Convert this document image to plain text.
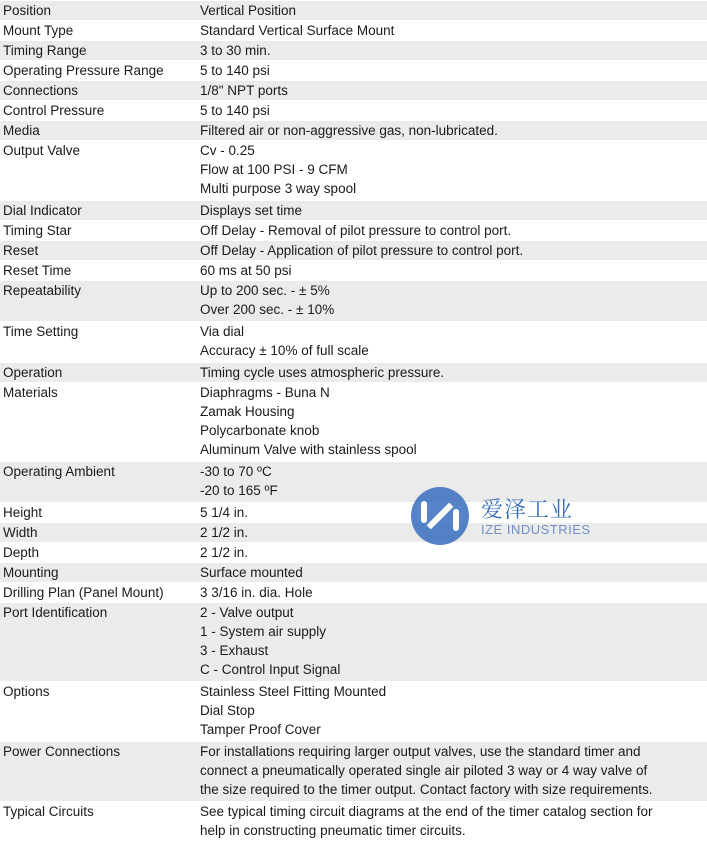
Position	Vertical Position

Mount Type	Standard Vertical Surface Mount

Timing Range	3 to 30 min.

Operating Pressure Range	5 to 140 psi

Connections	1/8" NPT ports

Control Pressure	5 to 140 psi

Media	Filtered air or non-aggressive gas, non-lubricated.

Output Valve	Cv - 0.25
Flow at 100 PSI - 9 CFM
Multi purpose 3 way spool

Dial Indicator	Displays set time

Timing Star	Off Delay - Removal of pilot pressure to control port.

Reset	Off Delay - Application of pilot pressure to control port.

Reset Time	60 ms at 50 psi

Repeatability	Up to 200 sec. - ± 5%
Over 200 sec. - ± 10%

Time Setting	Via dial
Accuracy ± 10% of full scale

Operation	Timing cycle uses atmospheric pressure.

Materials	Diaphragms - Buna N
Zamak Housing
Polycarbonate knob
Aluminum Valve with stainless spool

Operating Ambient	-30 to 70 ºC
-20 to 165 ºF

Height	5 1/4 in.

Width	2 1/2 in.

Depth	2 1/2 in.

Mounting	Surface mounted

Drilling Plan (Panel Mount)	3 3/16 in. dia. Hole

Port Identification	2 - Valve output
1 - System air supply
3 - Exhaust
C - Control Input Signal

Options	Stainless Steel Fitting Mounted
Dial Stop
Tamper Proof Cover

Power Connections	For installations requiring larger output valves, use the standard timer and
connect a pneumatically operated single air piloted 3 way or 4 way valve of
the size required to the timer output. Contact factory with size requirements.

Typical Circuits	See typical timing circuit diagrams at the end of the timer catalog section for
help in constructing pneumatic timer circuits.
爱泽工业
IZE INDUSTRIES
